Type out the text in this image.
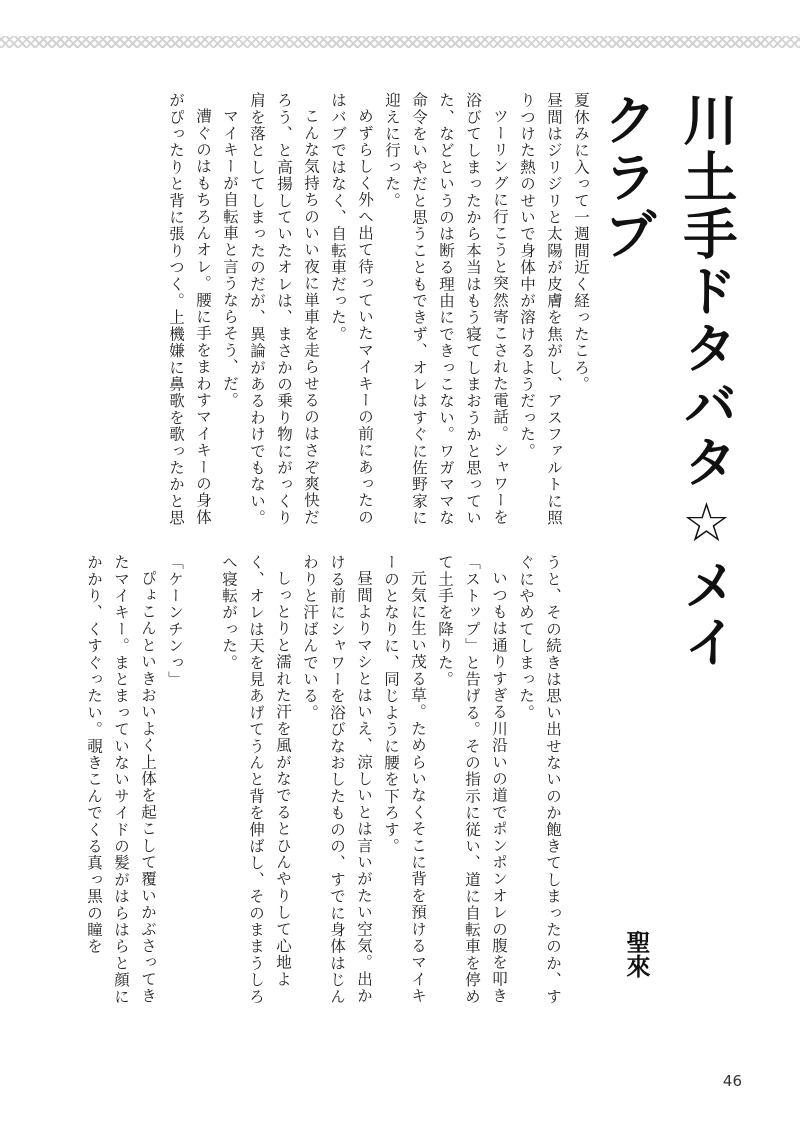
川土手ドタバタ☆メイクラブ
聖來

夏休みに入って一週間近く経ったころ。

昼間はジリジリと太陽が皮膚を焦がし、アスファルトに照りつけた熱のせいで身体中が溶けるようだった。

ツーリングに行こうと突然寄こされた電話。シャワーを浴びてしまったから本当はもう寝てしまおうかと思っていた、などというのは断る理由にできっこない。ワガママな命令をいやだと思うこともできず、オレはすぐに佐野家に迎えに行った。

めずらしく外へ出て待っていたマイキーの前にあったのはバブではなく、自転車だった。

こんな気持ちのいい夜に単車を走らせるのはさぞ爽快だろう、と高揚していたオレは、まさかの乗り物にがっくり肩を落としてしまったのだが、異論があるわけでもない。

マイキーが自転車と言うならそう、だ。

漕ぐのはもちろんオレ。腰に手をまわすマイキーの身体がぴったりと背に張りつく。上機嫌に鼻歌を歌ったかと思

うと、その続きは思い出せないのか飽きてしまったのか、すぐにやめてしまった。

いつもは通りすぎる川沿いの道でポンポンオレの腹を叩き「ストップ」と告げる。その指示に従い、道に自転車を停めて土手を降りた。

元気に生い茂る草。ためらいなくそこに背を預けるマイキーのとなりに、同じように腰を下ろす。

昼間よりマシとはいえ、涼しいとは言いがたい空気。出かける前にシャワーを浴びなおしたものの、すでに身体はじんわりと汗ばんでいる。

しっとりと濡れた汗を風がなでるとひんやりして心地よく、オレは天を見あげてうんと背を伸ばし、そのままうしろへ寝転がった。

「ケーンチンっ」

ぴょこんといきおいよく上体を起こして覆いかぶさってきたマイキー。まとまっていないサイドの髪がはらはらと顔にかかり、くすぐったい。覗きこんでくる真っ黒の瞳を

46
